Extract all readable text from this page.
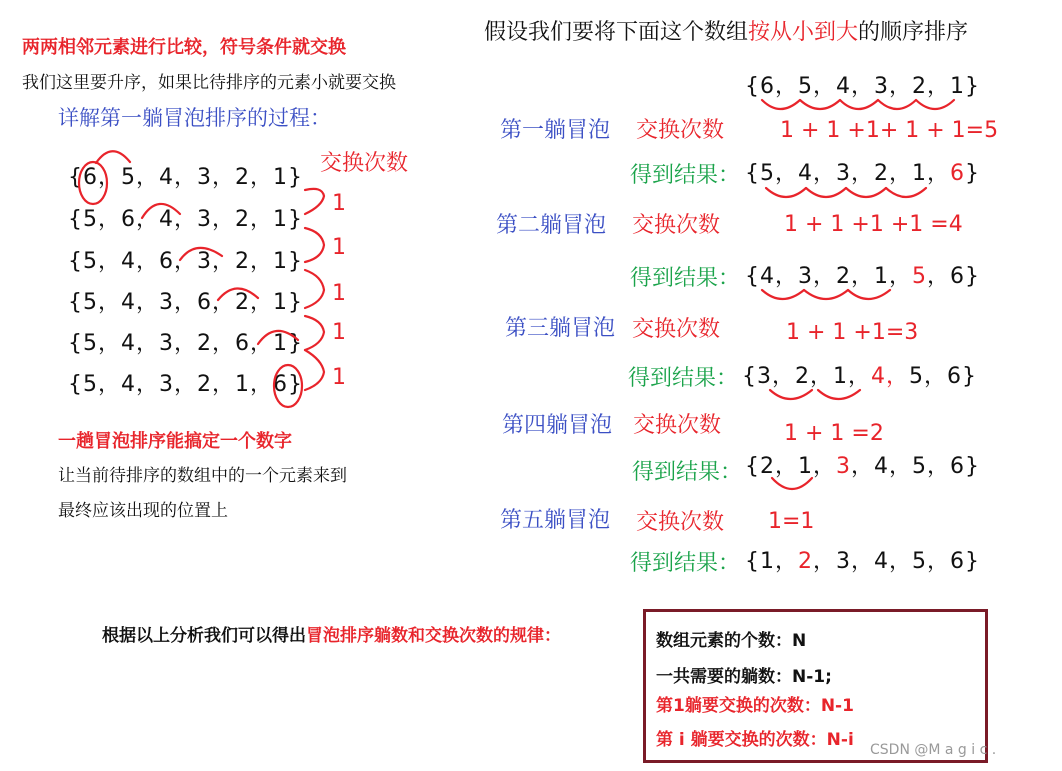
两两相邻元素进行比较，符号条件就交换
我们这里要升序，如果比待排序的元素小就要交换
详解第一躺冒泡排序的过程：
交换次数
{6，5，4，3，2，1}
{5，6，4，3，2，1}
{5，4，6，3，2，1}
{5，4，3，6，2，1}
{5，4，3，2，6，1}
{5，4，3，2，1，6}
1
1
1
1
1
一趟冒泡排序能搞定一个数字
让当前待排序的数组中的一个元素来到
最终应该出现的位置上
假设我们要将下面这个数组按从小到大的顺序排序
{6，5，4，3，2，1}
第一躺冒泡 交换次数	1 + 1 +1+ 1 + 1=5
得到结果： {5，4，3，2，1，6}
第二躺冒泡 交换次数	1 + 1 +1 +1 =4
得到结果： {4，3，2，1，5，6}
第三躺冒泡 交换次数	1 + 1 +1=3
得到结果： {3，2，1，4，5，6}
第四躺冒泡 交换次数	1 + 1 =2
得到结果： {2，1，3，4，5，6}
第五躺冒泡 交换次数 1=1
得到结果： {1，2，3，4，5，6}
根据以上分析我们可以得出冒泡排序躺数和交换次数的规律：	数组元素的个数：N
一共需要的躺数：N-1;
第1躺要交换的次数：N-1
第 i 躺要交换的次数：N-i CSDN @M a g i c .
